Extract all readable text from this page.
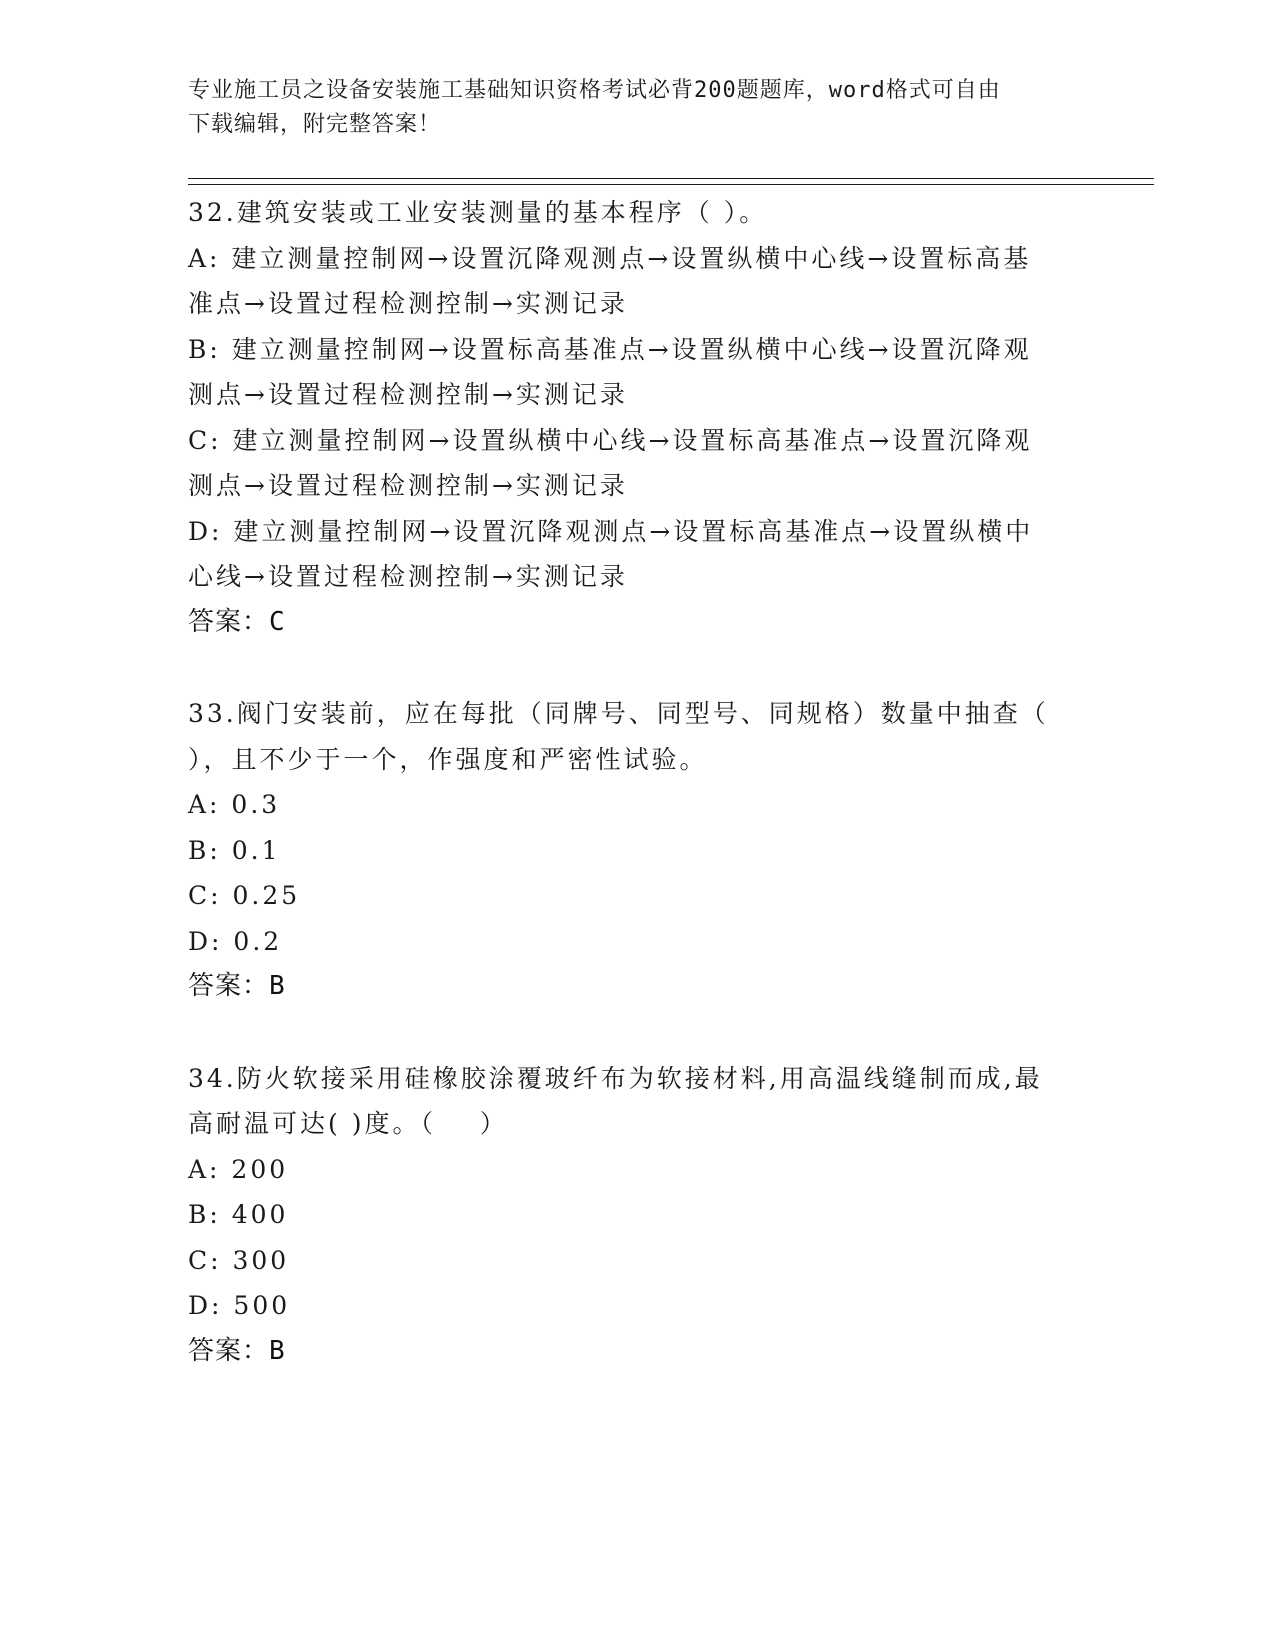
专业施工员之设备安装施工基础知识资格考试必背200题题库，word格式可自由
下载编辑，附完整答案！
32.建筑安装或工业安装测量的基本程序（ ）。
A: 建立测量控制网→设置沉降观测点→设置纵横中心线→设置标高基
准点→设置过程检测控制→实测记录
B: 建立测量控制网→设置标高基准点→设置纵横中心线→设置沉降观
测点→设置过程检测控制→实测记录
C: 建立测量控制网→设置纵横中心线→设置标高基准点→设置沉降观
测点→设置过程检测控制→实测记录
D: 建立测量控制网→设置沉降观测点→设置标高基准点→设置纵横中
心线→设置过程检测控制→实测记录
答案：C
33.阀门安装前，应在每批（同牌号、同型号、同规格）数量中抽查（
），且不少于一个，作强度和严密性试验。
A: 0.3
B: 0.1
C: 0.25
D: 0.2
答案：B
34.防火软接采用硅橡胶涂覆玻纤布为软接材料,用高温线缝制而成,最
高耐温可达( )度。（    ）
A: 200
B: 400
C: 300
D: 500
答案：B
